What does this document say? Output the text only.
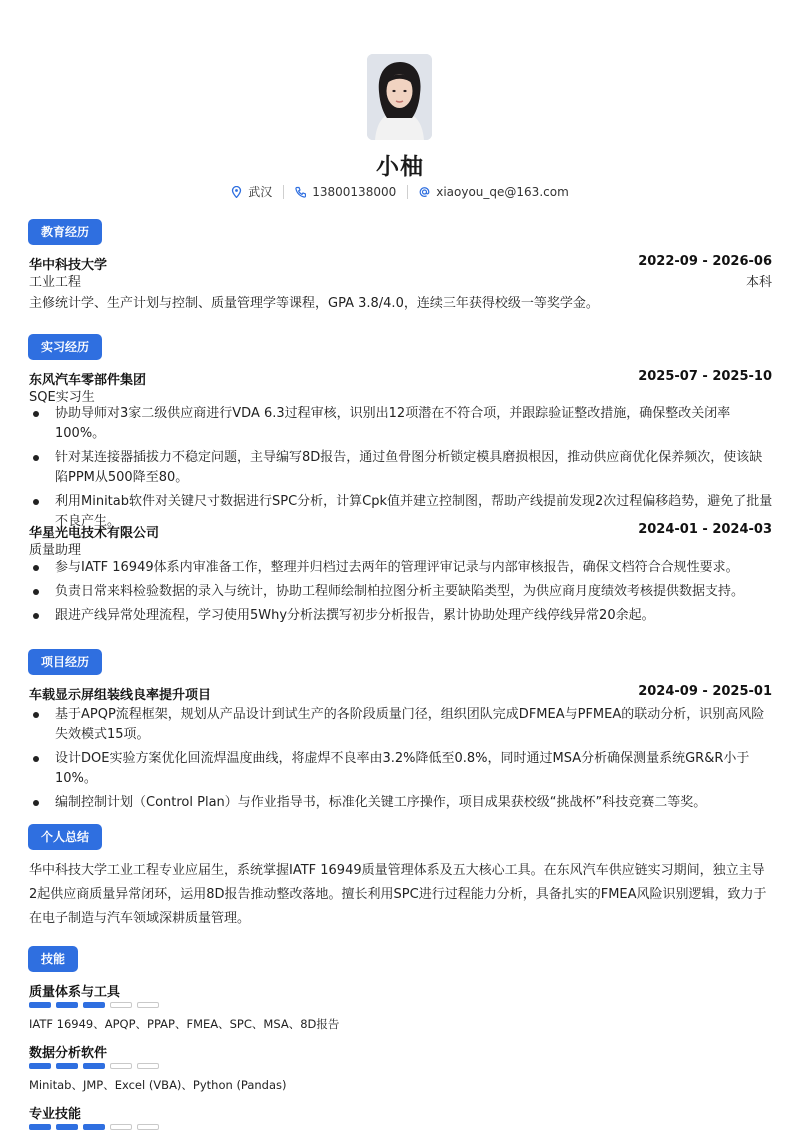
小柚
武汉	13800138000	xiaoyou_qe@163.com
教育经历
华中科技大学	2022-09 - 2026-06
工业工程	本科
主修统计学、生产计划与控制、质量管理学等课程，GPA 3.8/4.0，连续三年获得校级一等奖学金。
实习经历
东风汽车零部件集团	2025-07 - 2025-10
SQE实习生
协助导师对3家二级供应商进行VDA 6.3过程审核，识别出12项潜在不符合项，并跟踪验证整改措施，确保整改关闭率100%。
针对某连接器插拔力不稳定问题，主导编写8D报告，通过鱼骨图分析锁定模具磨损根因，推动供应商优化保养频次，使该缺陷PPM从500降至80。
利用Minitab软件对关键尺寸数据进行SPC分析，计算Cpk值并建立控制图，帮助产线提前发现2次过程偏移趋势，避免了批量不良产生。
华星光电技术有限公司	2024-01 - 2024-03
质量助理
参与IATF 16949体系内审准备工作，整理并归档过去两年的管理评审记录与内部审核报告，确保文档符合合规性要求。
负责日常来料检验数据的录入与统计，协助工程师绘制柏拉图分析主要缺陷类型，为供应商月度绩效考核提供数据支持。
跟进产线异常处理流程，学习使用5Why分析法撰写初步分析报告，累计协助处理产线停线异常20余起。
项目经历
车载显示屏组装线良率提升项目	2024-09 - 2025-01
基于APQP流程框架，规划从产品设计到试生产的各阶段质量门径，组织团队完成DFMEA与PFMEA的联动分析，识别高风险失效模式15项。
设计DOE实验方案优化回流焊温度曲线，将虚焊不良率由3.2%降低至0.8%，同时通过MSA分析确保测量系统GR&R小于10%。
编制控制计划（Control Plan）与作业指导书，标准化关键工序操作，项目成果获校级“挑战杯”科技竞赛二等奖。
个人总结
华中科技大学工业工程专业应届生，系统掌握IATF 16949质量管理体系及五大核心工具。在东风汽车供应链实习期间，独立主导2起供应商质量异常闭环，运用8D报告推动整改落地。擅长利用SPC进行过程能力分析，具备扎实的FMEA风险识别逻辑，致力于在电子制造与汽车领域深耕质量管理。
技能
质量体系与工具
IATF 16949、APQP、PPAP、FMEA、SPC、MSA、8D报告
数据分析软件
Minitab、JMP、Excel (VBA)、Python (Pandas)
专业技能
